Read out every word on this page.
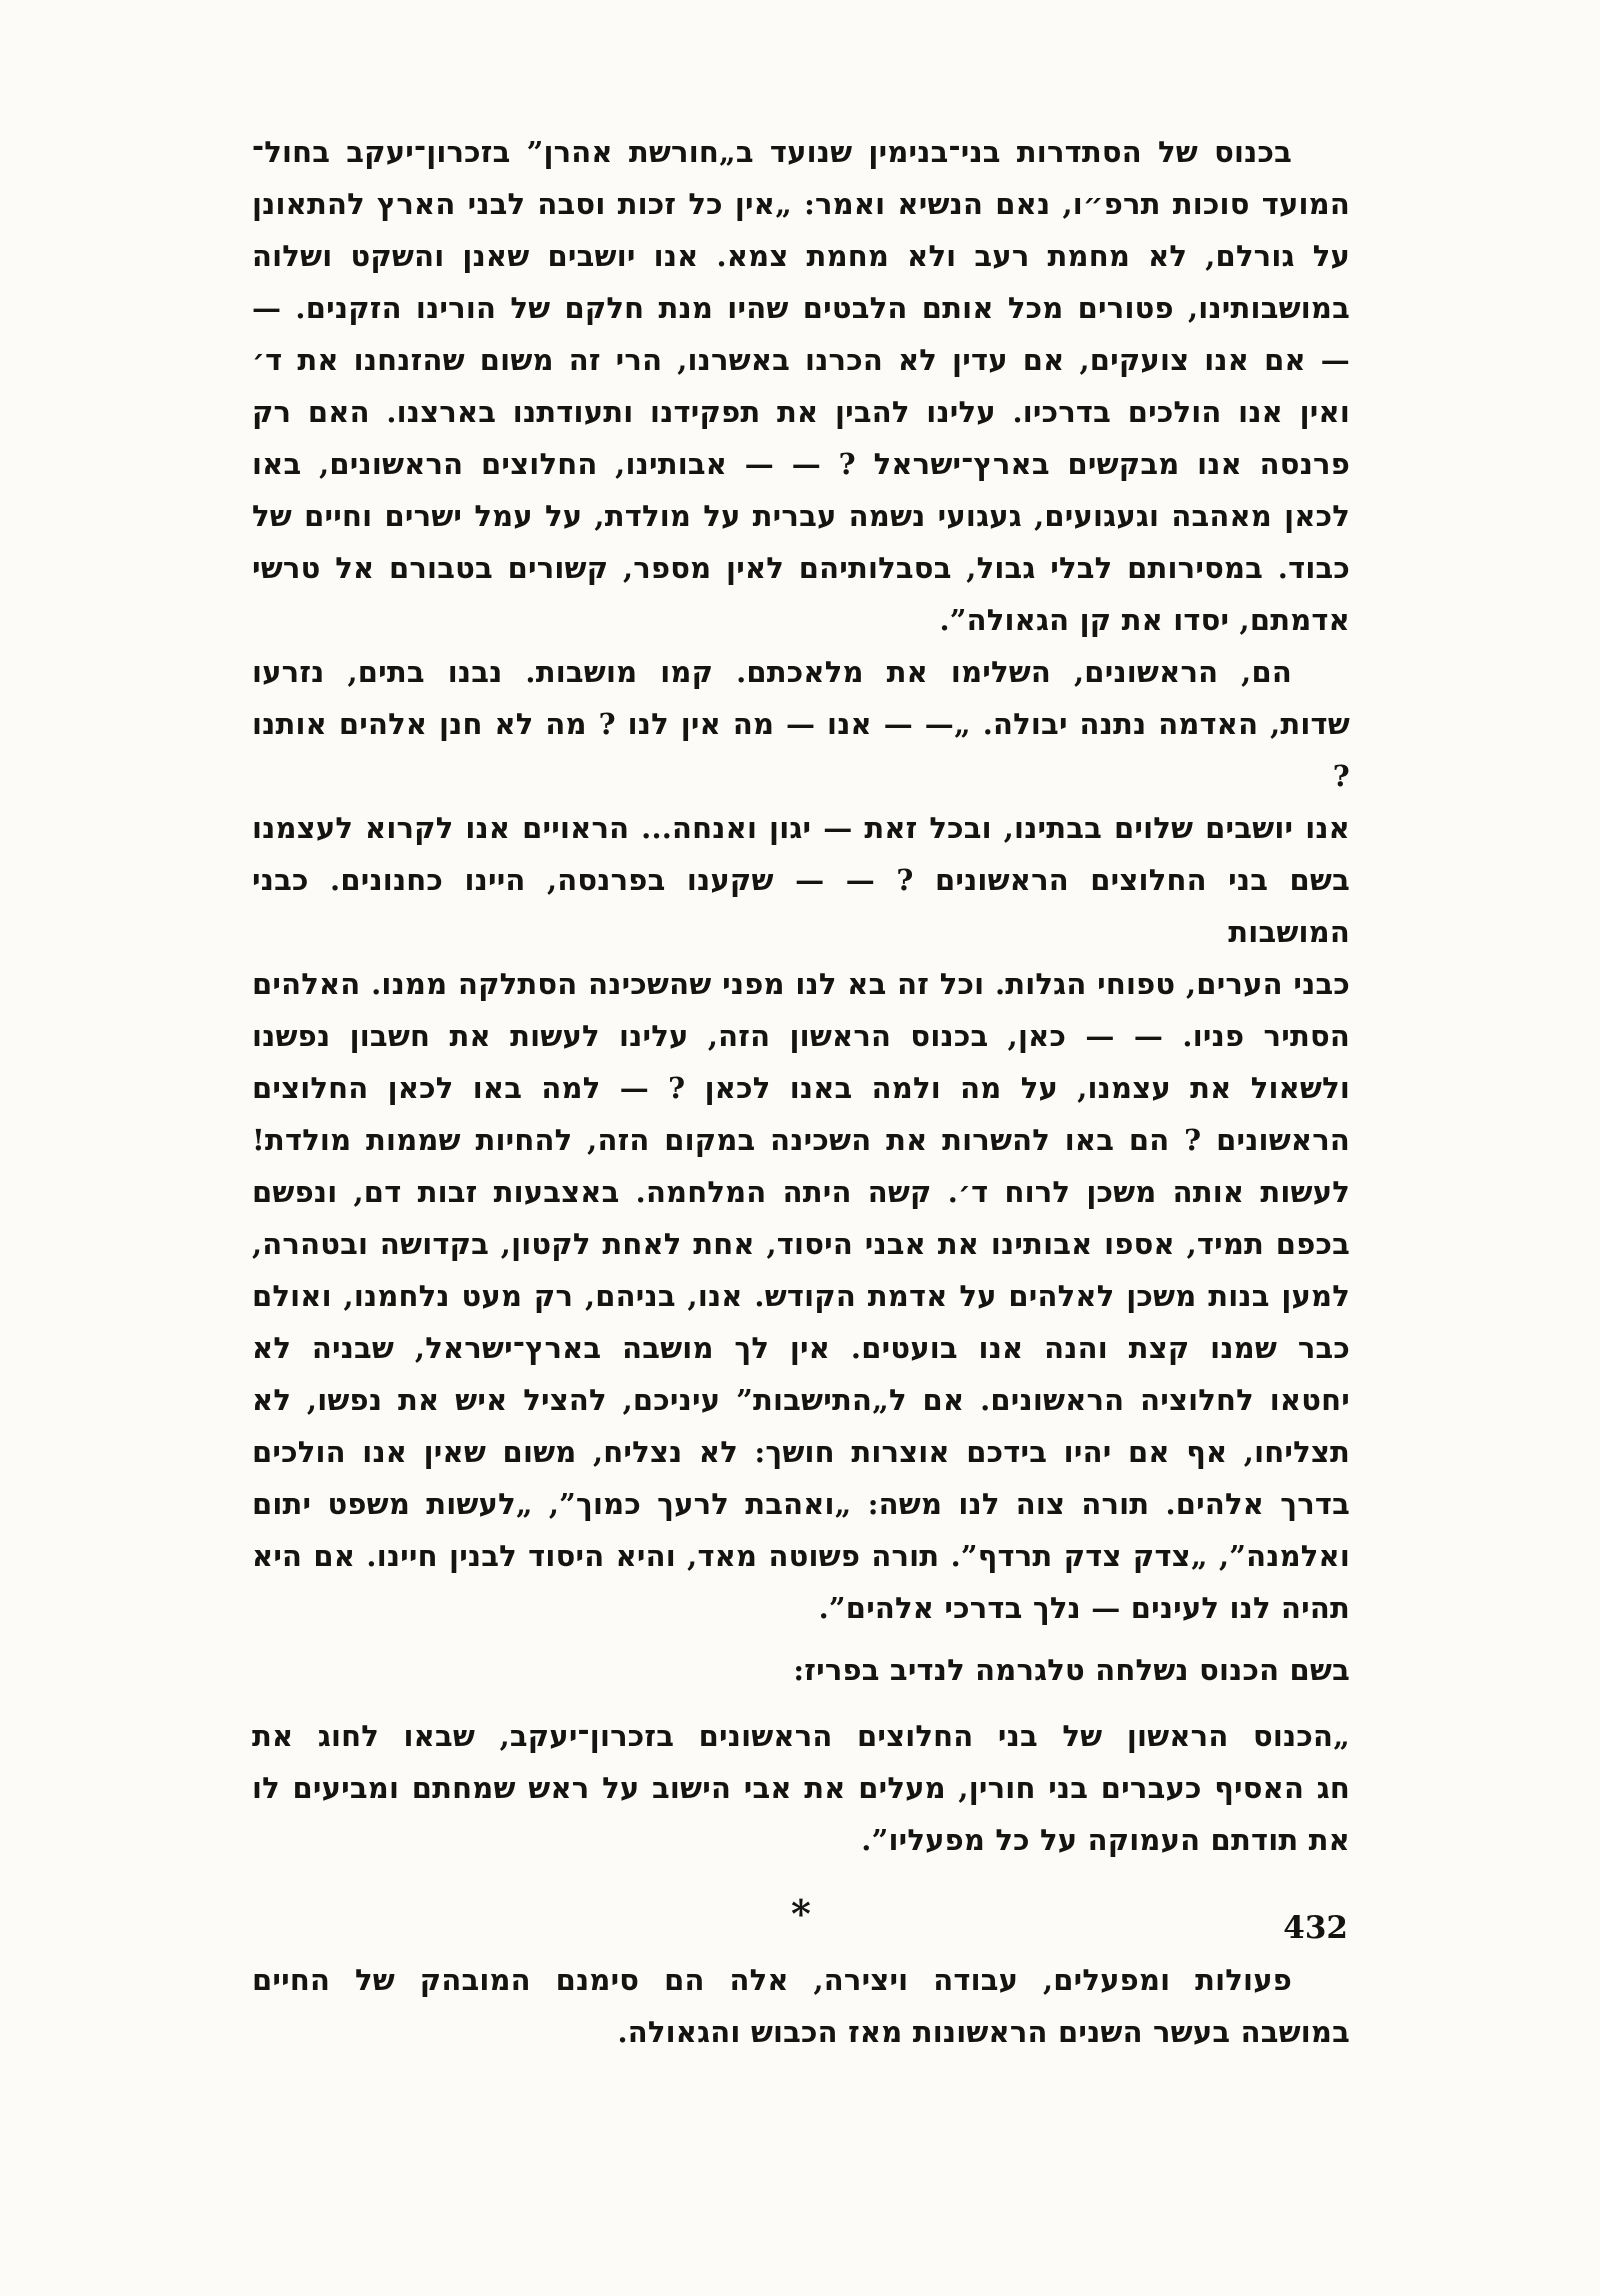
בכנוס של הסתדרות בני־בנימין שנועד ב„חורשת אהרן” בזכרון־יעקב בחול־
המועד סוכות תרפ״ו, נאם הנשיא ואמר: „אין כל זכות וסבה לבני הארץ להתאונן
על גורלם, לא מחמת רעב ולא מחמת צמא. אנו יושבים שאנן והשקט ושלוה
במושבותינו, פטורים מכל אותם הלבטים שהיו מנת חלקם של הורינו הזקנים. —
— אם אנו צועקים, אם עדין לא הכרנו באשרנו, הרי זה משום שהזנחנו את ד׳
ואין אנו הולכים בדרכיו. עלינו להבין את תפקידנו ותעודתנו בארצנו. האם רק
פרנסה אנו מבקשים בארץ־ישראל ? — — אבותינו, החלוצים הראשונים, באו
לכאן מאהבה וגעגועים, געגועי נשמה עברית על מולדת, על עמל ישרים וחיים של
כבוד. במסירותם לבלי גבול, בסבלותיהם לאין מספר, קשורים בטבורם אל טרשי
אדמתם, יסדו את קן הגאולה”.
הם, הראשונים, השלימו את מלאכתם. קמו מושבות. נבנו בתים, נזרעו
שדות, האדמה נתנה יבולה. „— — אנו — מה אין לנו ? מה לא חנן אלהים אותנו ?
אנו יושבים שלוים בבתינו, ובכל זאת — יגון ואנחה... הראויים אנו לקרוא לעצמנו
בשם בני החלוצים הראשונים ? — — שקענו בפרנסה, היינו כחנונים. כבני המושבות
כבני הערים, טפוחי הגלות. וכל זה בא לנו מפני שהשכינה הסתלקה ממנו. האלהים
הסתיר פניו. — — כאן, בכנוס הראשון הזה, עלינו לעשות את חשבון נפשנו
ולשאול את עצמנו, על מה ולמה באנו לכאן ? — למה באו לכאן החלוצים
הראשונים ? הם באו להשרות את השכינה במקום הזה, להחיות שממות מולדת!
לעשות אותה משכן לרוח ד׳. קשה היתה המלחמה. באצבעות זבות דם, ונפשם
בכפם תמיד, אספו אבותינו את אבני היסוד, אחת לאחת לקטון, בקדושה ובטהרה,
למען בנות משכן לאלהים על אדמת הקודש. אנו, בניהם, רק מעט נלחמנו, ואולם
כבר שמנו קצת והנה אנו בועטים. אין לך מושבה בארץ־ישראל, שבניה לא
יחטאו לחלוציה הראשונים. אם ל„התישבות” עיניכם, להציל איש את נפשו, לא
תצליחו, אף אם יהיו בידכם אוצרות חושך: לא נצליח, משום שאין אנו הולכים
בדרך אלהים. תורה צוה לנו משה: „ואהבת לרעך כמוך”, „לעשות משפט יתום
ואלמנה”, „צדק צדק תרדף”. תורה פשוטה מאד, והיא היסוד לבנין חיינו. אם היא
תהיה לנו לעינים — נלך בדרכי אלהים”.
בשם הכנוס נשלחה טלגרמה לנדיב בפריז:
„הכנוס הראשון של בני החלוצים הראשונים בזכרון־יעקב, שבאו לחוג את
חג האסיף כעברים בני חורין, מעלים את אבי הישוב על ראש שמחתם ומביעים לו
את תודתם העמוקה על כל מפעליו”.
*
פעולות ומפעלים, עבודה ויצירה, אלה הם סימנם המובהק של החיים
במושבה בעשר השנים הראשונות מאז הכבוש והגאולה.
432
